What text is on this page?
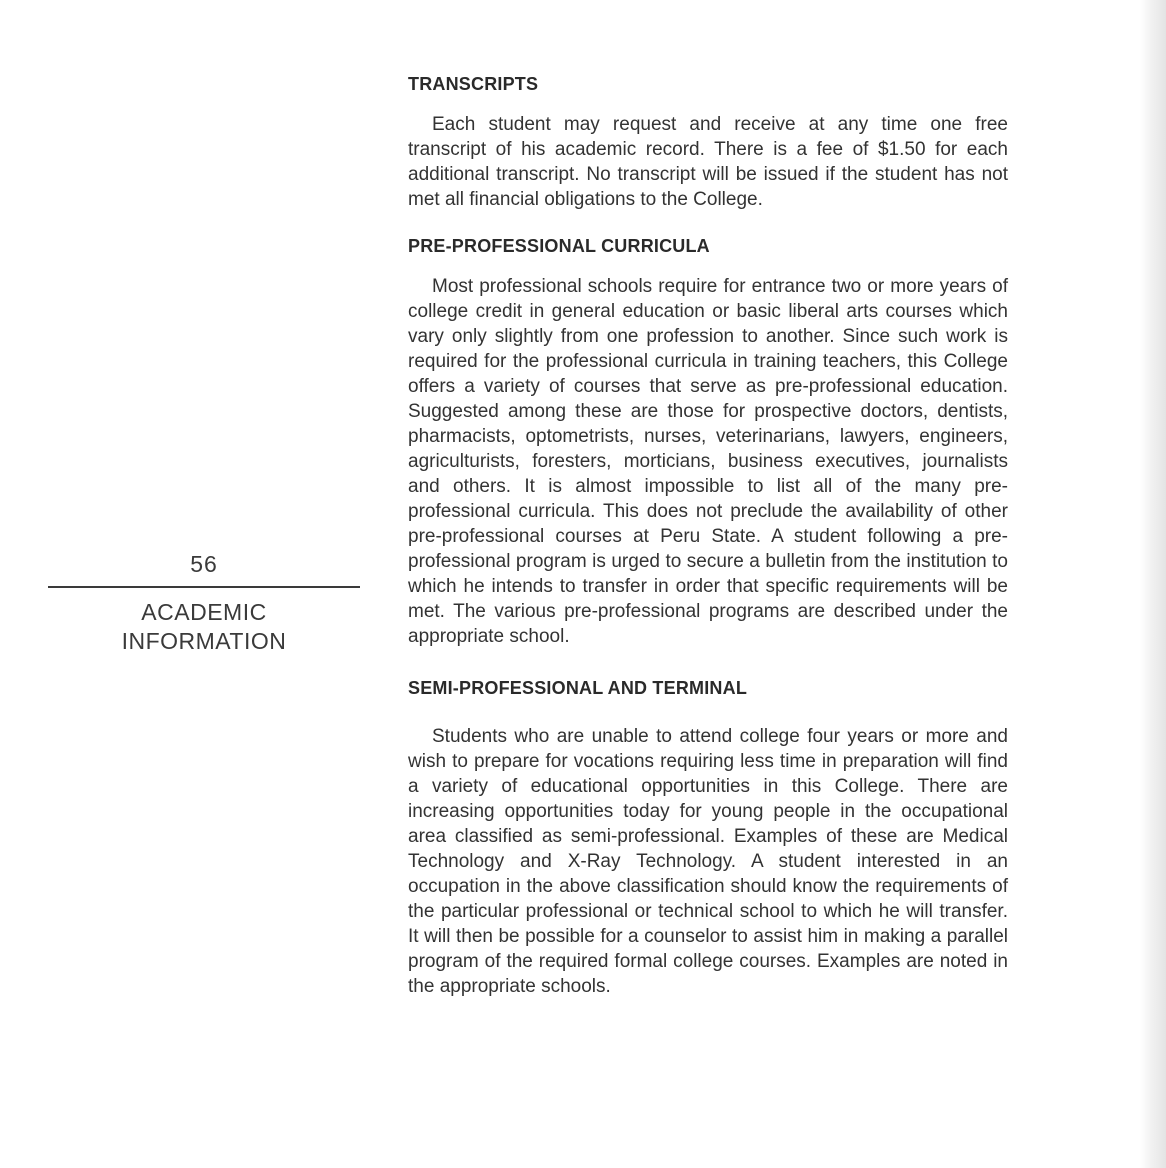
56
ACADEMIC
INFORMATION
TRANSCRIPTS

Each student may request and receive at any time one free transcript of his academic record. There is a fee of $1.50 for each additional transcript. No transcript will be issued if the student has not met all financial obligations to the College.

PRE-PROFESSIONAL CURRICULA

Most professional schools require for entrance two or more years of college credit in general education or basic liberal arts courses which vary only slightly from one profession to another. Since such work is required for the professional curricula in training teachers, this College offers a variety of courses that serve as pre-professional education. Suggested among these are those for prospective doctors, dentists, pharmacists, optometrists, nurses, veterinarians, lawyers, engineers, agriculturists, foresters, morticians, business executives, journalists and others. It is almost impossible to list all of the many pre-professional curricula. This does not preclude the availability of other pre-professional courses at Peru State. A student following a pre-professional program is urged to secure a bulletin from the institution to which he intends to transfer in order that specific requirements will be met. The various pre-professional programs are described under the appropriate school.

SEMI-PROFESSIONAL AND TERMINAL

Students who are unable to attend college four years or more and wish to prepare for vocations requiring less time in preparation will find a variety of educational opportunities in this College. There are increasing opportunities today for young people in the occupational area classified as semi-professional. Examples of these are Medical Technology and X-Ray Technology. A student interested in an occupation in the above classification should know the requirements of the particular professional or technical school to which he will transfer. It will then be possible for a counselor to assist him in making a parallel program of the required formal college courses. Examples are noted in the appropriate schools.
